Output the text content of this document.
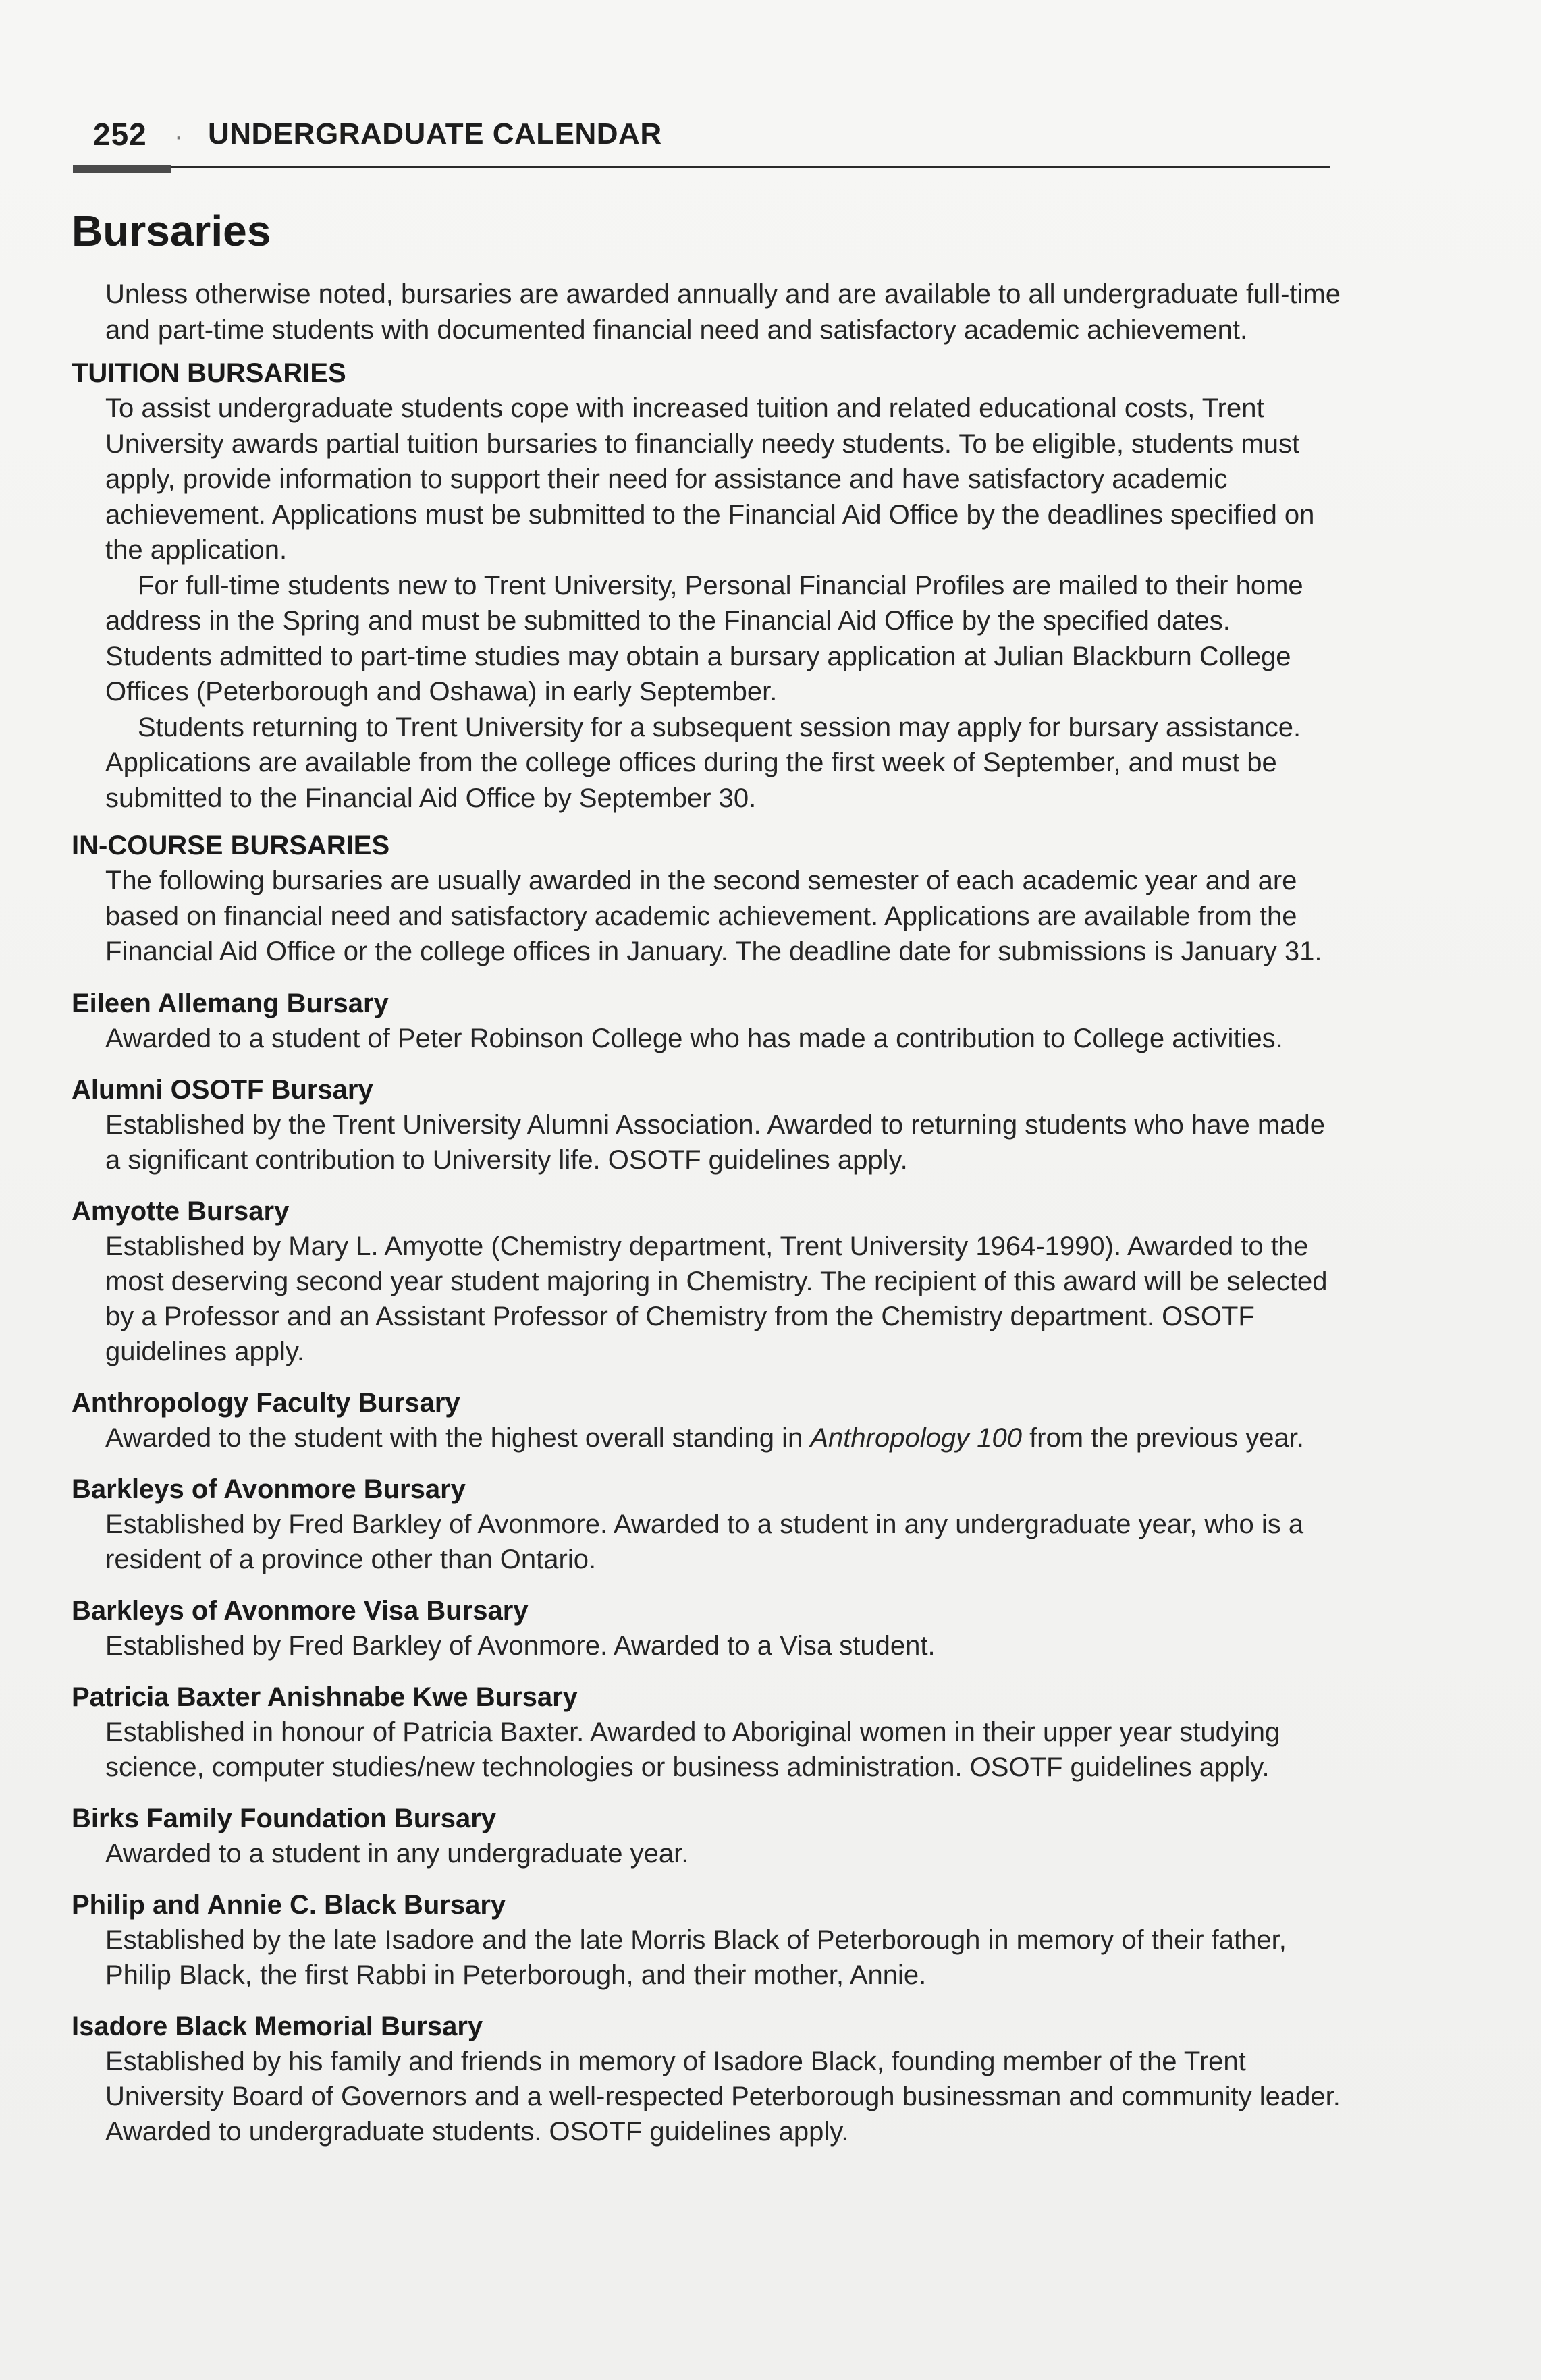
252 · UNDERGRADUATE CALENDAR
Bursaries

Unless otherwise noted, bursaries are awarded annually and are available to all undergraduate full-time and part-time students with documented financial need and satisfactory academic achievement.

TUITION BURSARIES

To assist undergraduate students cope with increased tuition and related educational costs, Trent University awards partial tuition bursaries to financially needy students. To be eligible, students must apply, provide information to support their need for assistance and have satisfactory academic achievement. Applications must be submitted to the Financial Aid Office by the deadlines specified on the application.

For full-time students new to Trent University, Personal Financial Profiles are mailed to their home address in the Spring and must be submitted to the Financial Aid Office by the specified dates. Students admitted to part-time studies may obtain a bursary application at Julian Blackburn College Offices (Peterborough and Oshawa) in early September.

Students returning to Trent University for a subsequent session may apply for bursary assistance. Applications are available from the college offices during the first week of September, and must be submitted to the Financial Aid Office by September 30.

IN-COURSE BURSARIES

The following bursaries are usually awarded in the second semester of each academic year and are based on financial need and satisfactory academic achievement. Applications are available from the Financial Aid Office or the college offices in January. The deadline date for submissions is January 31.

Eileen Allemang Bursary
Awarded to a student of Peter Robinson College who has made a contribution to College activities.
Alumni OSOTF Bursary
Established by the Trent University Alumni Association. Awarded to returning students who have made a significant contribution to University life. OSOTF guidelines apply.
Amyotte Bursary
Established by Mary L. Amyotte (Chemistry department, Trent University 1964-1990). Awarded to the most deserving second year student majoring in Chemistry. The recipient of this award will be selected by a Professor and an Assistant Professor of Chemistry from the Chemistry department. OSOTF guidelines apply.
Anthropology Faculty Bursary
Awarded to the student with the highest overall standing in Anthropology 100 from the previous year.
Barkleys of Avonmore Bursary
Established by Fred Barkley of Avonmore. Awarded to a student in any undergraduate year, who is a resident of a province other than Ontario.
Barkleys of Avonmore Visa Bursary
Established by Fred Barkley of Avonmore. Awarded to a Visa student.
Patricia Baxter Anishnabe Kwe Bursary
Established in honour of Patricia Baxter. Awarded to Aboriginal women in their upper year studying science, computer studies/new technologies or business administration. OSOTF guidelines apply.
Birks Family Foundation Bursary
Awarded to a student in any undergraduate year.
Philip and Annie C. Black Bursary
Established by the late Isadore and the late Morris Black of Peterborough in memory of their father, Philip Black, the first Rabbi in Peterborough, and their mother, Annie.
Isadore Black Memorial Bursary
Established by his family and friends in memory of Isadore Black, founding member of the Trent University Board of Governors and a well-respected Peterborough businessman and community leader. Awarded to undergraduate students. OSOTF guidelines apply.
